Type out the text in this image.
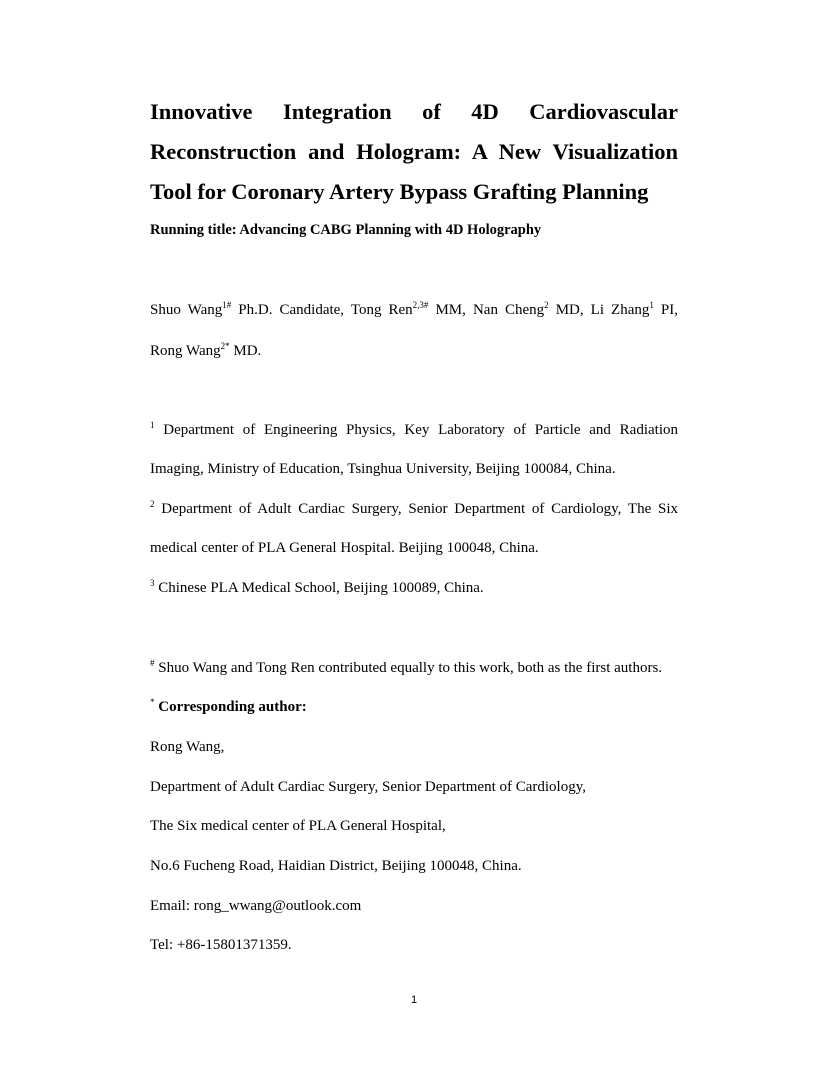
Innovative Integration of 4D Cardiovascular
Reconstruction and Hologram: A New Visualization
Tool for Coronary Artery Bypass Grafting Planning
Running title: Advancing CABG Planning with 4D Holography
Shuo Wang$^{1\#}$ Ph.D. Candidate, Tong Ren$^{2,3\#}$ MM, Nan Cheng$^2$ MD, Li Zhang$^1$ PI,
Rong Wang$^{2*}$ MD.
$^1$ Department of Engineering Physics, Key Laboratory of Particle and Radiation
Imaging, Ministry of Education, Tsinghua University, Beijing 100084, China.
$^2$ Department of Adult Cardiac Surgery, Senior Department of Cardiology, The Six
medical center of PLA General Hospital. Beijing 100048, China.
$^3$ Chinese PLA Medical School, Beijing 100089, China.
# Shuo Wang and Tong Ren contributed equally to this work, both as the first authors.
* Corresponding author:
Rong Wang,
Department of Adult Cardiac Surgery, Senior Department of Cardiology,
The Six medical center of PLA General Hospital,
No.6 Fucheng Road, Haidian District, Beijing 100048, China.
Email: rong_wwang@outlook.com
Tel: +86-15801371359.
1
